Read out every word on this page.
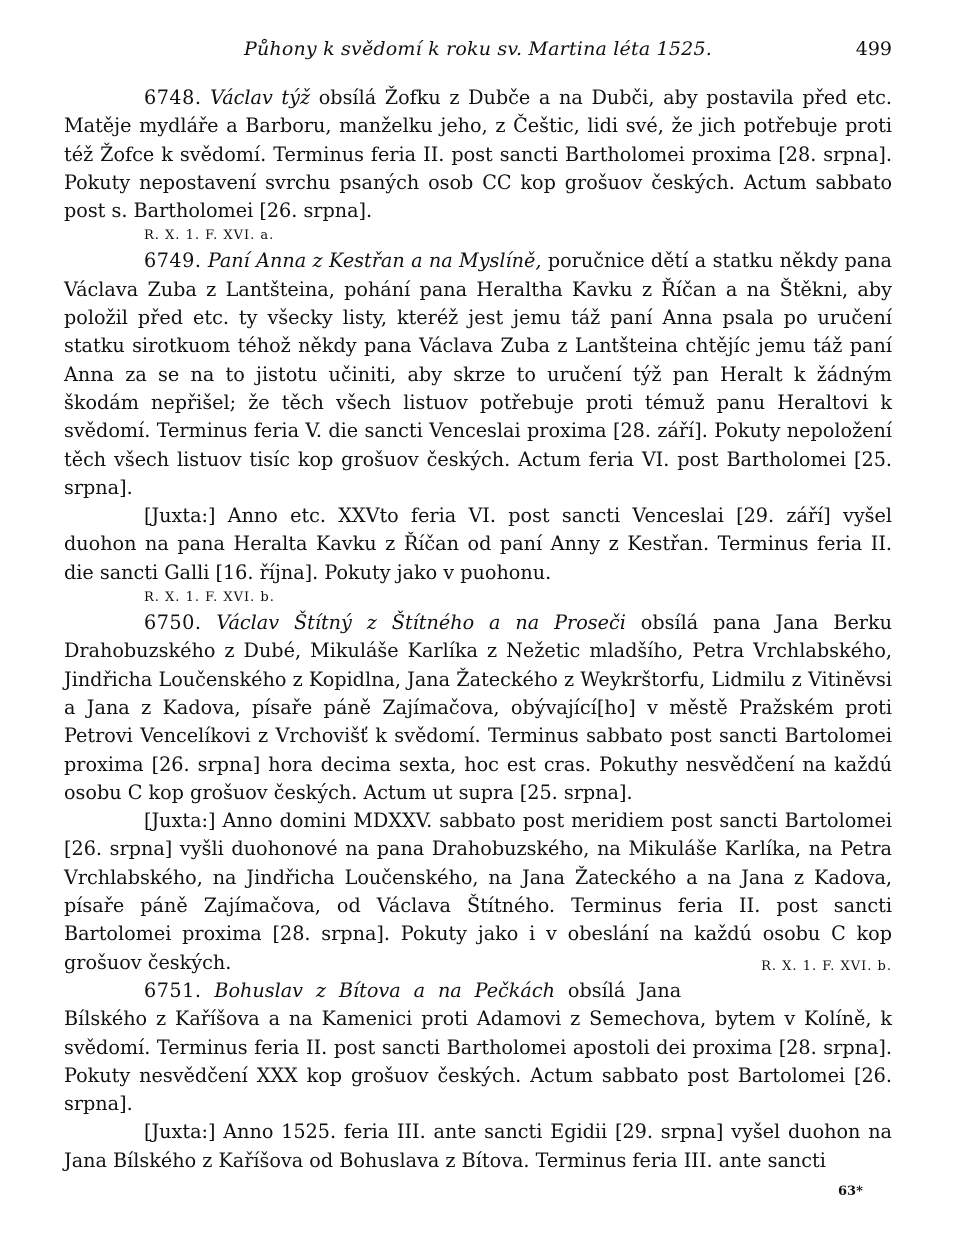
Půhony k svědomí k roku sv. Martina léta 1525.	499

6748. Václav týž obsílá Žofku z Dubče a na Dubči, aby postavila před etc. Matěje mydláře a Barboru, manželku jeho, z Češtic, lidi své, že jich potřebuje proti též Žofce k svědomí. Terminus feria II. post sancti Bartholomei proxima [28. srpna]. Pokuty nepostavení svrchu psaných osob CC kop grošuov českých. Actum sabbato post s. Bartholomei [26. srpna].

R. X. 1. F. XVI. a.

6749. Paní Anna z Kestřan a na Myslíně, poručnice dětí a statku někdy pana Václava Zuba z Lantšteina, pohání pana Heraltha Kavku z Říčan a na Štěkni, aby položil před etc. ty všecky listy, kteréž jest jemu táž paní Anna psala po uručení statku sirotkuom téhož někdy pana Václava Zuba z Lantšteina chtějíc jemu táž paní Anna za se na to jistotu učiniti, aby skrze to uručení týž pan Heralt k žádným škodám nepřišel; že těch všech listuov potřebuje proti témuž panu Heraltovi k svědomí. Terminus feria V. die sancti Venceslai proxima [28. září]. Pokuty nepoložení těch všech listuov tisíc kop grošuov českých. Actum feria VI. post Bartholomei [25. srpna].

[Juxta:] Anno etc. XXVto feria VI. post sancti Venceslai [29. září] vyšel duohon na pana Heralta Kavku z Říčan od paní Anny z Kestřan. Terminus feria II. die sancti Galli [16. října]. Pokuty jako v puohonu.

R. X. 1. F. XVI. b.

6750. Václav Štítný z Štítného a na Proseči obsílá pana Jana Berku Drahobuzského z Dubé, Mikuláše Karlíka z Nežetic mladšího, Petra Vrchlabského, Jindřicha Loučenského z Kopidlna, Jana Žateckého z Weykrštorfu, Lidmilu z Vitiněvsi a Jana z Kadova, písaře páně Zajímačova, obývající[ho] v městě Pražském proti Petrovi Vencelíkovi z Vrchovišť k svědomí. Terminus sabbato post sancti Bartolomei proxima [26. srpna] hora decima sexta, hoc est cras. Pokuthy nesvědčení na každú osobu C kop grošuov českých. Actum ut supra [25. srpna].

[Juxta:] Anno domini MDXXV. sabbato post meridiem post sancti Bartolomei [26. srpna] vyšli duohonové na pana Drahobuzského, na Mikuláše Karlíka, na Petra Vrchlabského, na Jindřicha Loučenského, na Jana Žateckého a na Jana z Kadova, písaře páně Zajímačova, od Václava Štítného. Terminus feria II. post sancti Bartolomei proxima [28. srpna]. Pokuty jako i v obeslání na každú osobu C kop grošuov českých.	R. X. 1. F. XVI. b.

6751. Bohuslav z Bítova a na Pečkách obsílá Jana Bílského z Kaříšova a na Kamenici proti Adamovi z Semechova, bytem v Kolíně, k svědomí. Terminus feria II. post sancti Bartholomei apostoli dei proxima [28. srpna]. Pokuty nesvědčení XXX kop grošuov českých. Actum sabbato post Bartolomei [26. srpna].

[Juxta:] Anno 1525. feria III. ante sancti Egidii [29. srpna] vyšel duohon na Jana Bílského z Kaříšova od Bohuslava z Bítova. Terminus feria III. ante sancti

63*
